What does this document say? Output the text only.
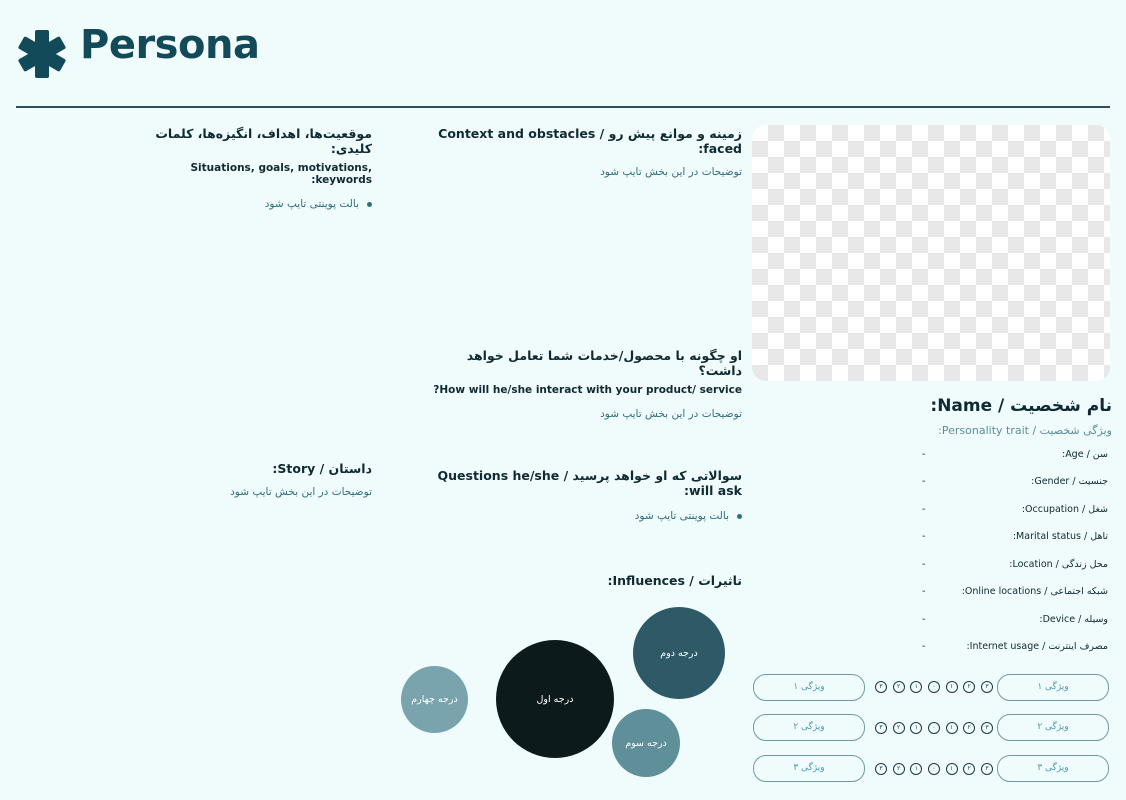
Persona
موقعیت‌ها، اهداف، انگیزه‌ها، کلمات کلیدی:
Situations, goals, motivations, keywords:
بالت پوینتی تایپ شود
زمینه و موانع پیش رو / Context and obstacles faced:
توضیحات در این بخش تایپ شود
او چگونه با محصول/خدمات شما تعامل خواهد داشت؟
How will he/she interact with your product/ service?
توضیحات در این بخش تایپ شود
داستان / Story:
توضیحات در این بخش تایپ شود
سوالاتی که او خواهد پرسید / Questions he/she will ask:
بالت پوینتی تایپ شود
تاثیرات / Influences:
درجه اول
درجه دوم
درجه سوم
درجه چهارم
نام شخصیت / Name:
ویژگی شخصیت / Personality trait:
سن / Age:
-
جنسیت / Gender:
-
شغل / Occupation:
-
تاهل / Marital status:
-
محل زندگی / Location:
-
شبکه اجتماعی / Online locations:
-
وسیله / Device:
-
مصرف اینترنت / Internet usage:
-
ویژگی ۱	۳	۲	۱	۰	۱	۲	۳	ویژگی ۱
ویژگی ۲	۳	۲	۱	۰	۱	۲	۳	ویژگی ۲
ویژگی ۳	۳	۲	۱	۰	۱	۲	۳	ویژگی ۳
